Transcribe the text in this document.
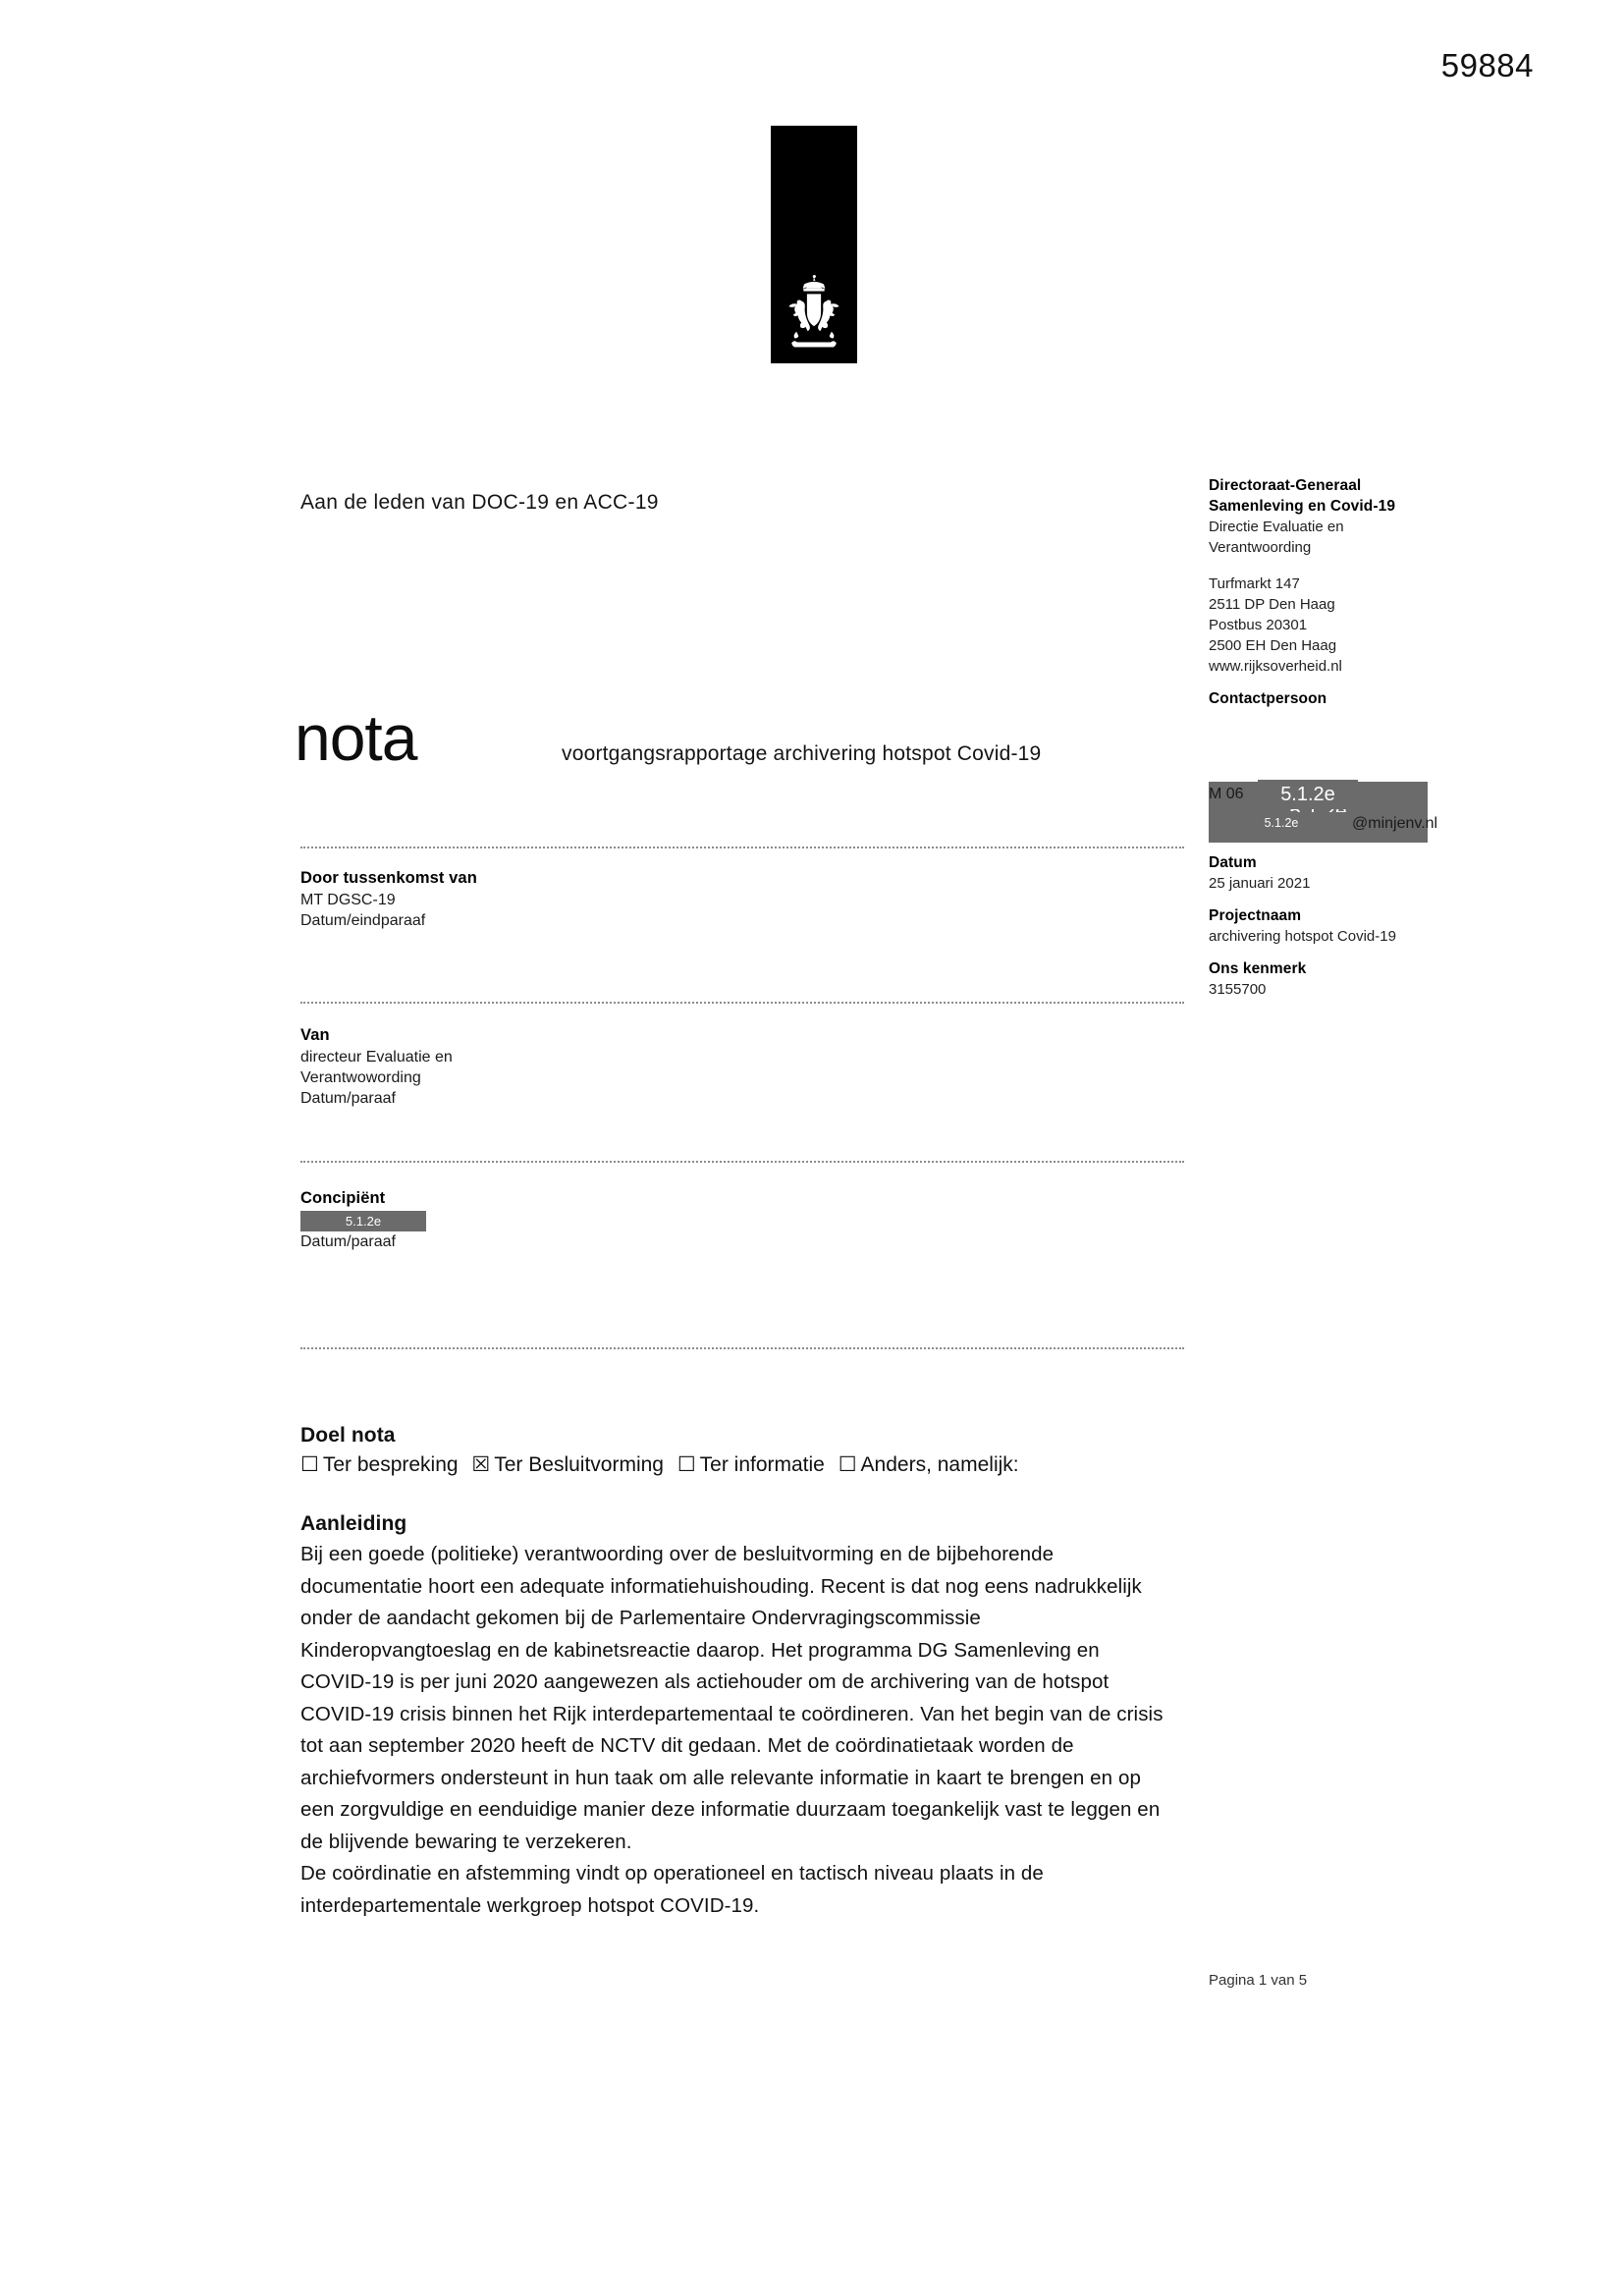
59884
Aan de leden van DOC-19 en ACC-19
nota	voortgangsrapportage archivering hotspot Covid-19
Door tussenkomst van
MT DGSC-19
Datum/eindparaaf
Van
directeur Evaluatie en
Verantwowording
Datum/paraaf
Concipiënt
5.1.2e
Datum/paraaf
Directoraat-Generaal
Samenleving en Covid-19
Directie Evaluatie en
Verantwoording
Turfmarkt 147
2511 DP Den Haag
Postbus 20301
2500 EH Den Haag
www.rijksoverheid.nl
Contactpersoon
M 06	5.1.2e
5.1.2e	@minjenv.nl
Datum
25 januari 2021
Projectnaam
archivering hotspot Covid-19
Ons kenmerk
3155700
Doel nota
☐ Ter bespreking ☒ Ter Besluitvorming ☐ Ter informatie ☐ Anders, namelijk:
Aanleiding

Bij een goede (politieke) verantwoording over de besluitvorming en de bijbehorende documentatie hoort een adequate informatiehuishouding. Recent is dat nog eens nadrukkelijk onder de aandacht gekomen bij de Parlementaire Ondervragingscommissie Kinderopvangtoeslag en de kabinetsreactie daarop. Het programma DG Samenleving en COVID-19 is per juni 2020 aangewezen als actiehouder om de archivering van de hotspot COVID-19 crisis binnen het Rijk interdepartementaal te coördineren. Van het begin van de crisis tot aan september 2020 heeft de NCTV dit gedaan. Met de coördinatietaak worden de archiefvormers ondersteunt in hun taak om alle relevante informatie in kaart te brengen en op een zorgvuldige en eenduidige manier deze informatie duurzaam toegankelijk vast te leggen en de blijvende bewaring te verzekeren.

De coördinatie en afstemming vindt op operationeel en tactisch niveau plaats in de interdepartementale werkgroep hotspot COVID-19.

Pagina 1 van 5
